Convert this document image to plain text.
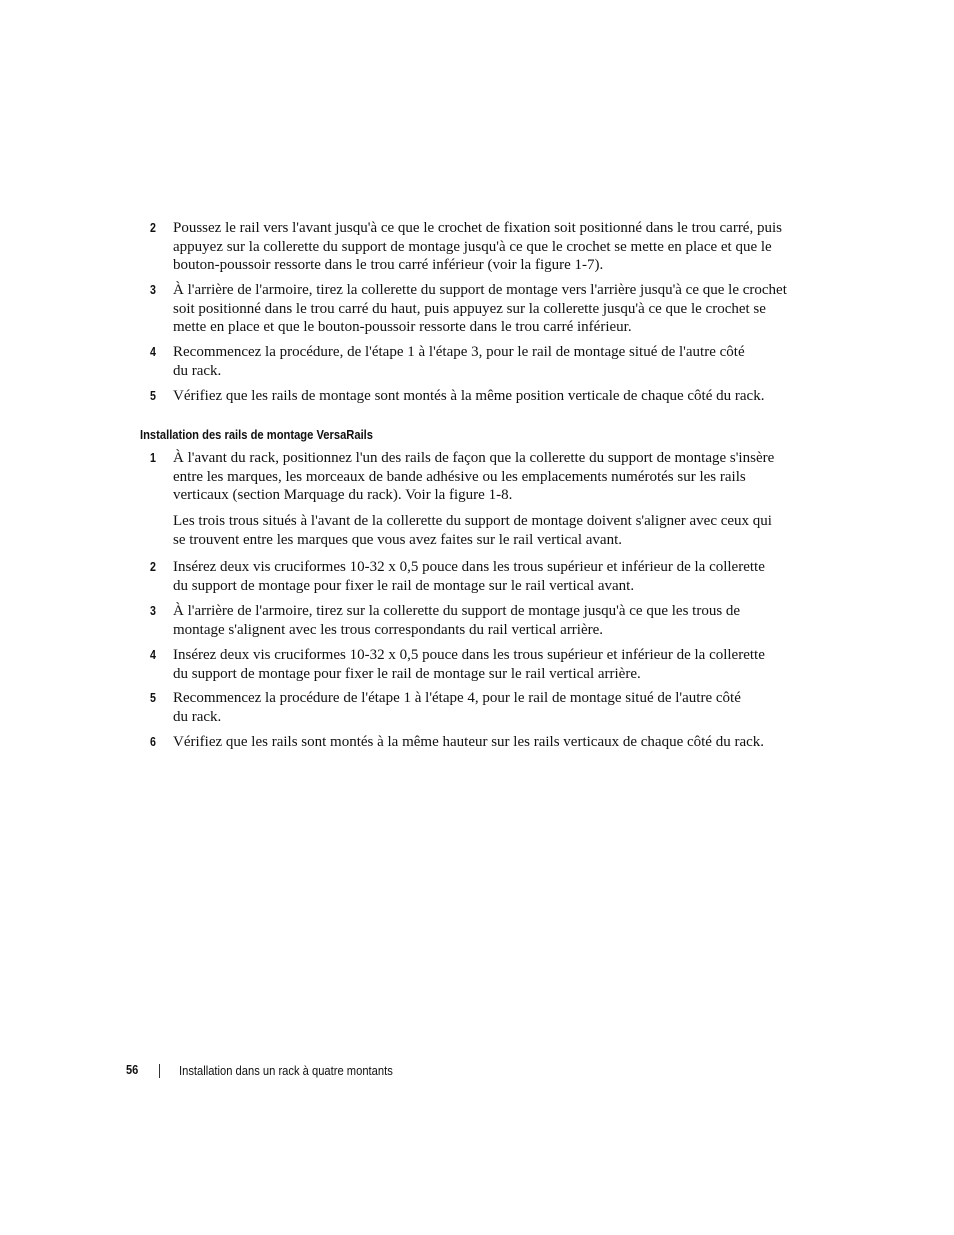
2 Poussez le rail vers l'avant jusqu'à ce que le crochet de fixation soit positionné dans le trou carré, puis
appuyez sur la collerette du support de montage jusqu'à ce que le crochet se mette en place et que le
bouton-poussoir ressorte dans le trou carré inférieur (voir la figure 1-7).
3 À l'arrière de l'armoire, tirez la collerette du support de montage vers l'arrière jusqu'à ce que le crochet
soit positionné dans le trou carré du haut, puis appuyez sur la collerette jusqu'à ce que le crochet se
mette en place et que le bouton-poussoir ressorte dans le trou carré inférieur.
4 Recommencez la procédure, de l'étape 1 à l'étape 3, pour le rail de montage situé de l'autre côté
du rack.
5 Vérifiez que les rails de montage sont montés à la même position verticale de chaque côté du rack.
Installation des rails de montage VersaRails
1 À l'avant du rack, positionnez l'un des rails de façon que la collerette du support de montage s'insère
entre les marques, les morceaux de bande adhésive ou les emplacements numérotés sur les rails
verticaux (section Marquage du rack). Voir la figure 1-8.
Les trois trous situés à l'avant de la collerette du support de montage doivent s'aligner avec ceux qui
se trouvent entre les marques que vous avez faites sur le rail vertical avant.
2 Insérez deux vis cruciformes 10-32 x 0,5 pouce dans les trous supérieur et inférieur de la collerette
du support de montage pour fixer le rail de montage sur le rail vertical avant.
3 À l'arrière de l'armoire, tirez sur la collerette du support de montage jusqu'à ce que les trous de
montage s'alignent avec les trous correspondants du rail vertical arrière.
4 Insérez deux vis cruciformes 10-32 x 0,5 pouce dans les trous supérieur et inférieur de la collerette
du support de montage pour fixer le rail de montage sur le rail vertical arrière.
5 Recommencez la procédure de l'étape 1 à l'étape 4, pour le rail de montage situé de l'autre côté
du rack.
6 Vérifiez que les rails sont montés à la même hauteur sur les rails verticaux de chaque côté du rack.
56	Installation dans un rack à quatre montants
